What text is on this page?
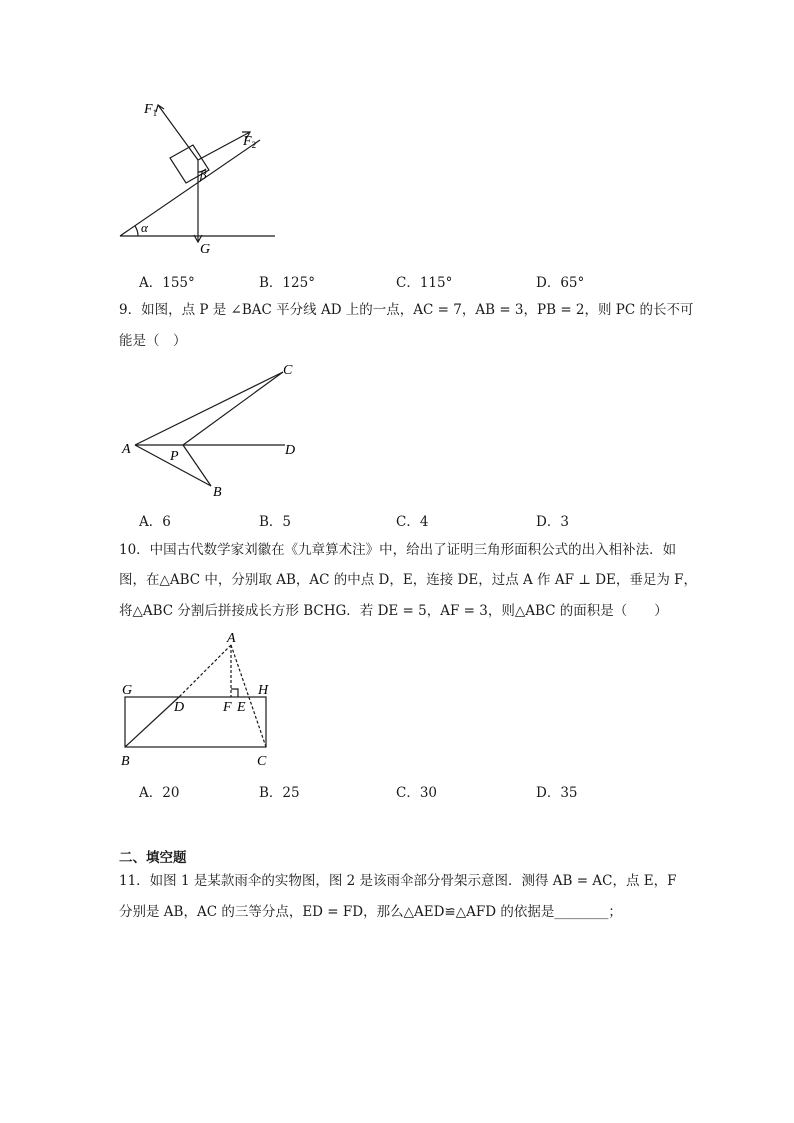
$F_1$
$F_2$
β
α
G
A．155°	B．125°	C．115°	D．65°
9．如图，点 P 是 ∠BAC 平分线 AD 上的一点，AC = 7，AB = 3，PB = 2，则 PC 的长不可
能是（　）
A
C
D
P
B
A．6	B．5	C．4	D．3
10．中国古代数学家刘徽在《九章算术注》中，给出了证明三角形面积公式的出入相补法．如
图，在△ABC 中，分别取 AB，AC 的中点 D，E，连接 DE，过点 A 作 AF ⊥ DE，垂足为 F，
将△ABC 分割后拼接成长方形 BCHG．若 DE = 5，AF = 3，则△ABC 的面积是（　　）
A
G	H
D	F E
B	C
A．20	B．25	C．30	D．35
二、填空题
11．如图 1 是某款雨伞的实物图，图 2 是该雨伞部分骨架示意图．测得 AB = AC，点 E，F
分别是 AB，AC 的三等分点，ED = FD，那么△AED≌△AFD 的依据是________；
